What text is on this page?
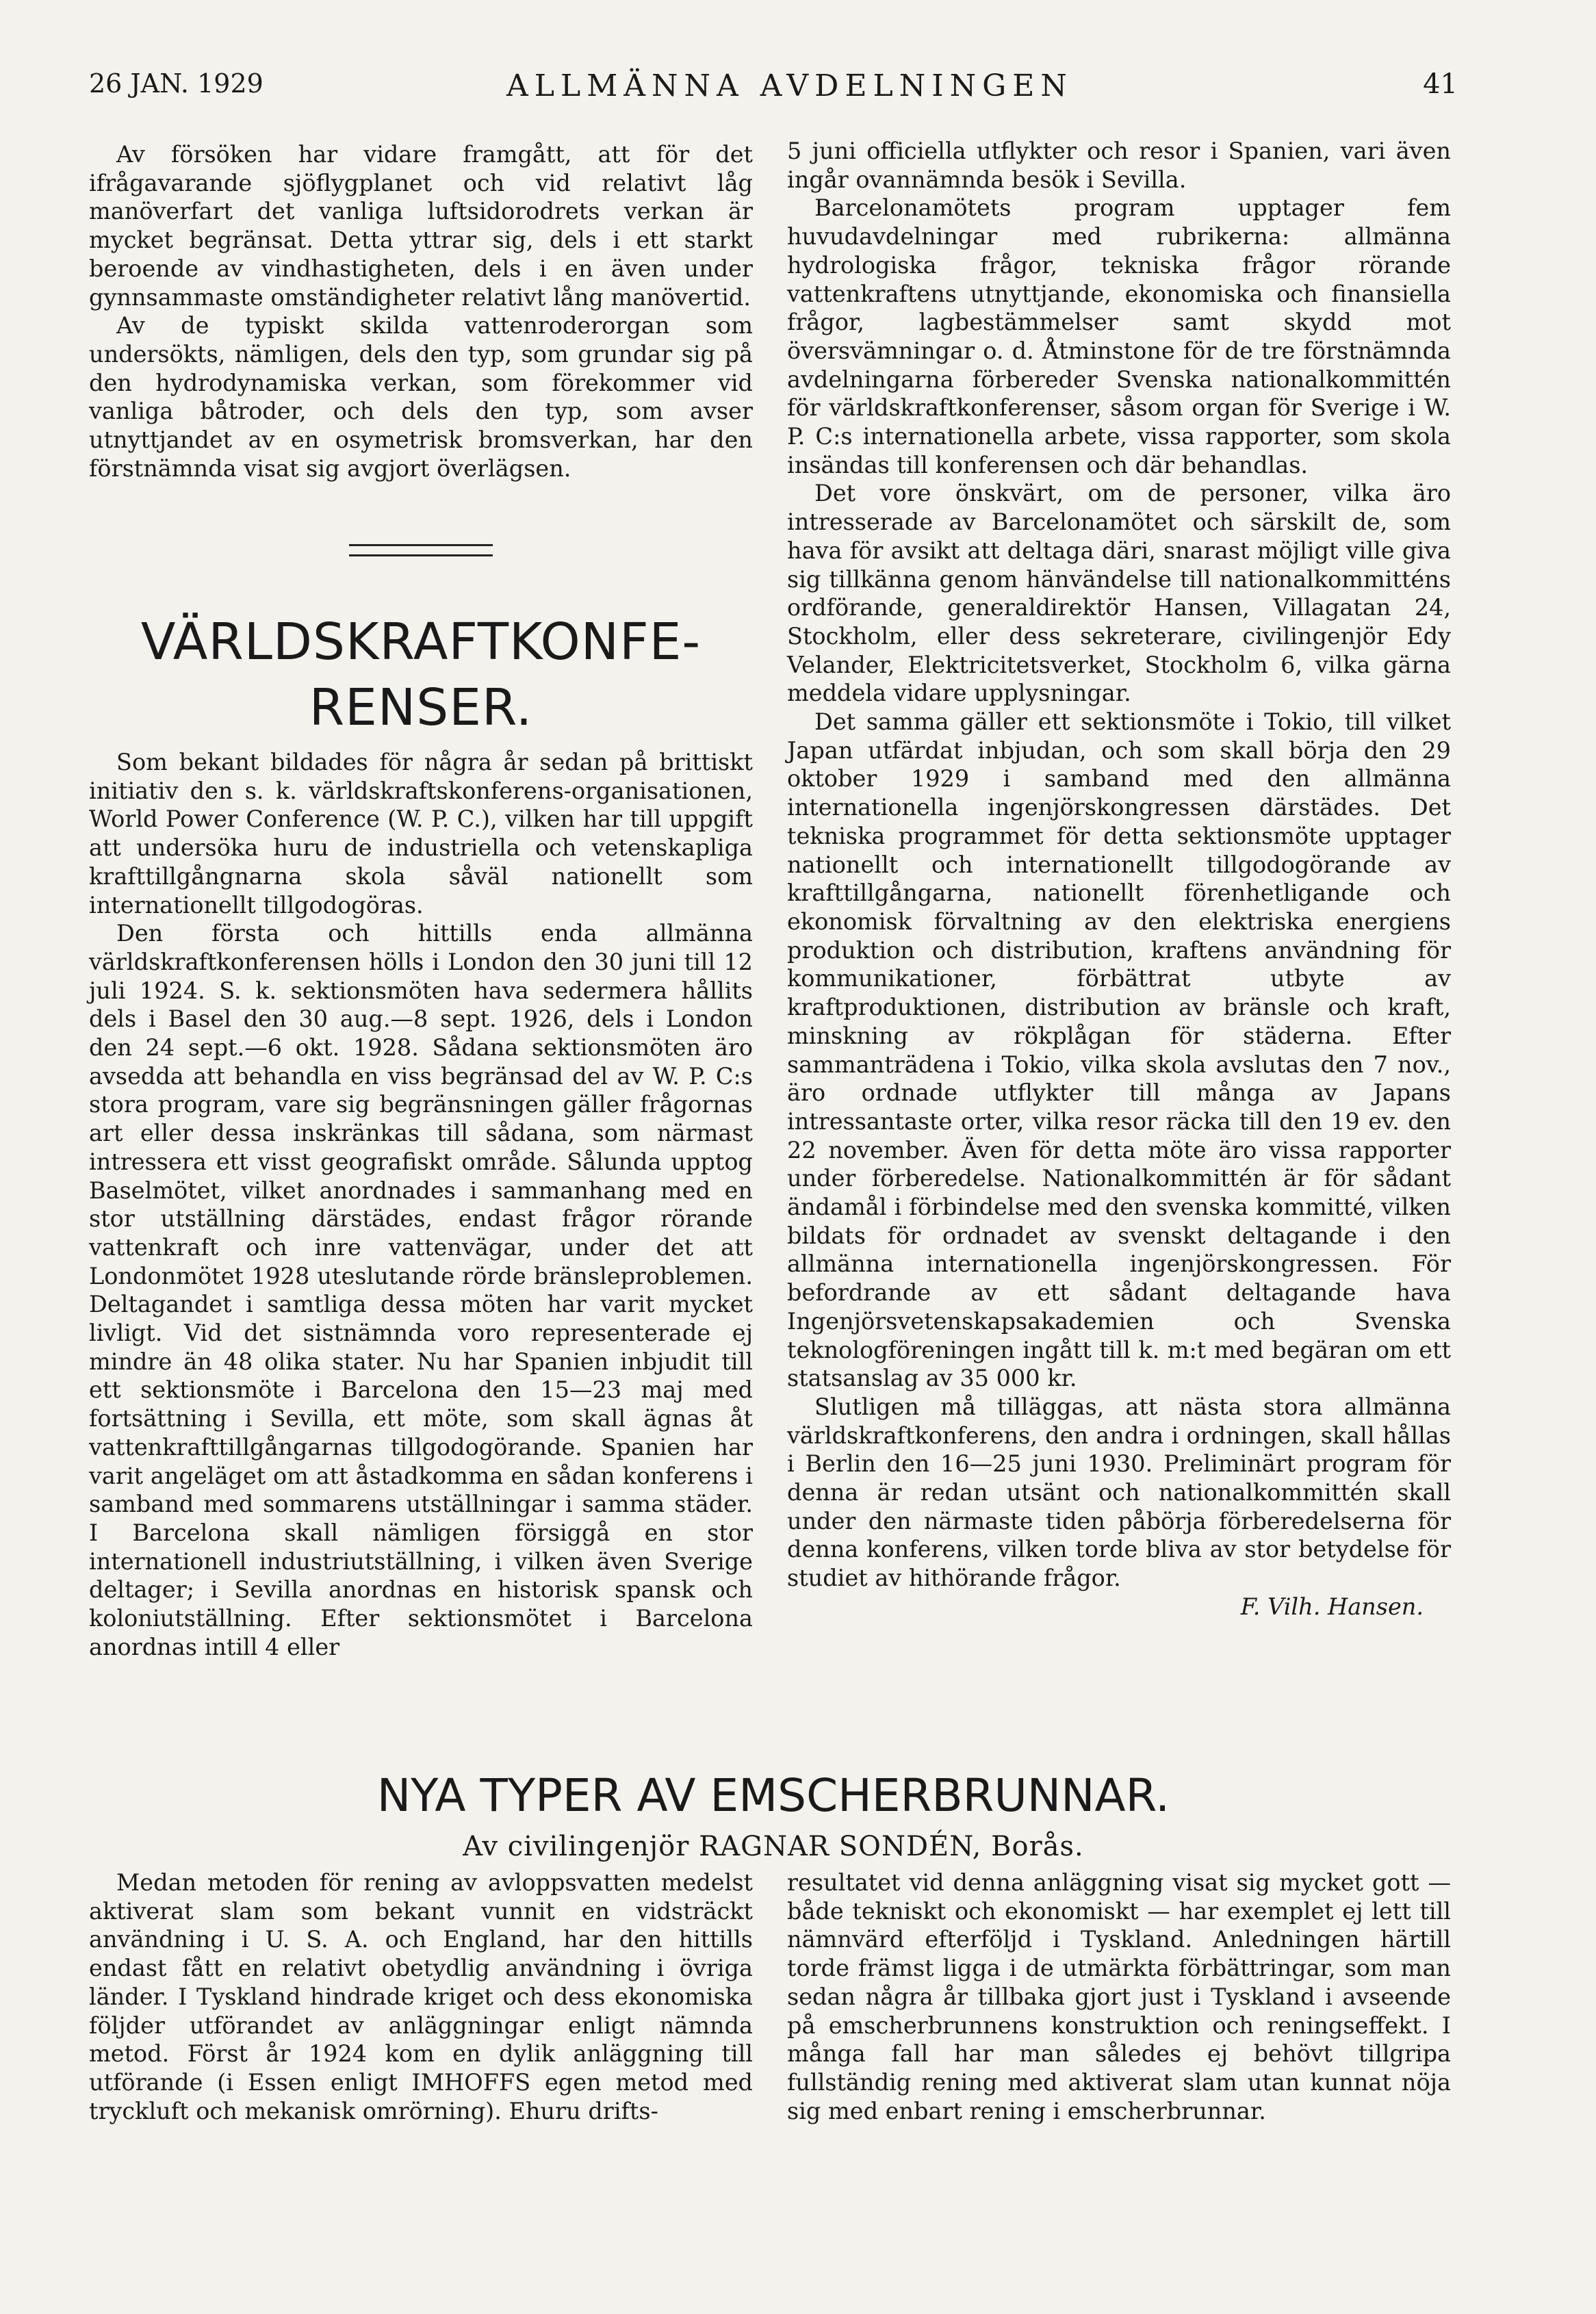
26 JAN. 1929	ALLMÄNNA AVDELNINGEN	41

Av försöken har vidare framgått, att för det ifrågavarande sjöflygplanet och vid relativt låg manöverfart det vanliga luftsidorodrets verkan är mycket begränsat. Detta yttrar sig, dels i ett starkt beroende av vindhastigheten, dels i en även under gynnsammaste omständigheter relativt lång manövertid.

Av de typiskt skilda vattenroderorgan som undersökts, nämligen, dels den typ, som grundar sig på den hydrodynamiska verkan, som förekommer vid vanliga båtroder, och dels den typ, som avser utnyttjandet av en osymetrisk bromsverkan, har den förstnämnda visat sig avgjort överlägsen.

VÄRLDSKRAFTKONFE-RENSER.

Som bekant bildades för några år sedan på brittiskt initiativ den s. k. världskraftskonferens-organisationen, World Power Conference (W. P. C.), vilken har till uppgift att undersöka huru de industriella och vetenskapliga krafttillgångnarna skola såväl nationellt som internationellt tillgodogöras.

Den första och hittills enda allmänna världskraftkonferensen hölls i London den 30 juni till 12 juli 1924. S. k. sektionsmöten hava sedermera hållits dels i Basel den 30 aug.—8 sept. 1926, dels i London den 24 sept.—6 okt. 1928. Sådana sektionsmöten äro avsedda att behandla en viss begränsad del av W. P. C:s stora program, vare sig begränsningen gäller frågornas art eller dessa inskränkas till sådana, som närmast intressera ett visst geografiskt område. Sålunda upptog Baselmötet, vilket anordnades i sammanhang med en stor utställning därstädes, endast frågor rörande vattenkraft och inre vattenvägar, under det att Londonmötet 1928 uteslutande rörde bränsleproblemen. Deltagandet i samtliga dessa möten har varit mycket livligt. Vid det sistnämnda voro representerade ej mindre än 48 olika stater. Nu har Spanien inbjudit till ett sektionsmöte i Barcelona den 15—23 maj med fortsättning i Sevilla, ett möte, som skall ägnas åt vattenkrafttillgångarnas tillgodogörande. Spanien har varit angeläget om att åstadkomma en sådan konferens i samband med sommarens utställningar i samma städer. I Barcelona skall nämligen försiggå en stor internationell industriutställning, i vilken även Sverige deltager; i Sevilla anordnas en historisk spansk och koloniutställning. Efter sektionsmötet i Barcelona anordnas intill 4 eller

5 juni officiella utflykter och resor i Spanien, vari även ingår ovannämnda besök i Sevilla.

Barcelonamötets program upptager fem huvudavdelningar med rubrikerna: allmänna hydrologiska frågor, tekniska frågor rörande vattenkraftens utnyttjande, ekonomiska och finansiella frågor, lagbestämmelser samt skydd mot översvämningar o. d. Åtminstone för de tre förstnämnda avdelningarna förbereder Svenska nationalkommittén för världskraftkonferenser, såsom organ för Sverige i W. P. C:s internationella arbete, vissa rapporter, som skola insändas till konferensen och där behandlas.

Det vore önskvärt, om de personer, vilka äro intresserade av Barcelonamötet och särskilt de, som hava för avsikt att deltaga däri, snarast möjligt ville giva sig tillkänna genom hänvändelse till nationalkommitténs ordförande, generaldirektör Hansen, Villagatan 24, Stockholm, eller dess sekreterare, civilingenjör Edy Velander, Elektricitetsverket, Stockholm 6, vilka gärna meddela vidare upplysningar.

Det samma gäller ett sektionsmöte i Tokio, till vilket Japan utfärdat inbjudan, och som skall börja den 29 oktober 1929 i samband med den allmänna internationella ingenjörskongressen därstädes. Det tekniska programmet för detta sektionsmöte upptager nationellt och internationellt tillgodogörande av krafttillgångarna, nationellt förenhetligande och ekonomisk förvaltning av den elektriska energiens produktion och distribution, kraftens användning för kommunikationer, förbättrat utbyte av kraftproduktionen, distribution av bränsle och kraft, minskning av rökplågan för städerna. Efter sammanträdena i Tokio, vilka skola avslutas den 7 nov., äro ordnade utflykter till många av Japans intressantaste orter, vilka resor räcka till den 19 ev. den 22 november. Även för detta möte äro vissa rapporter under förberedelse. Nationalkommittén är för sådant ändamål i förbindelse med den svenska kommitté, vilken bildats för ordnadet av svenskt deltagande i den allmänna internationella ingenjörskongressen. För befordrande av ett sådant deltagande hava Ingenjörsvetenskapsakademien och Svenska teknologföreningen ingått till k. m:t med begäran om ett statsanslag av 35 000 kr.

Slutligen må tilläggas, att nästa stora allmänna världskraftkonferens, den andra i ordningen, skall hållas i Berlin den 16—25 juni 1930. Preliminärt program för denna är redan utsänt och nationalkommittén skall under den närmaste tiden påbörja förberedelserna för denna konferens, vilken torde bliva av stor betydelse för studiet av hithörande frågor.

F. Vilh. Hansen.

NYA TYPER AV EMSCHERBRUNNAR.
Av civilingenjör RAGNAR SONDÉN, Borås.

Medan metoden för rening av avloppsvatten medelst aktiverat slam som bekant vunnit en vidsträckt användning i U. S. A. och England, har den hittills endast fått en relativt obetydlig användning i övriga länder. I Tyskland hindrade kriget och dess ekonomiska följder utförandet av anläggningar enligt nämnda metod. Först år 1924 kom en dylik anläggning till utförande (i Essen enligt IMHOFFS egen metod med tryckluft och mekanisk omrörning). Ehuru drifts-

resultatet vid denna anläggning visat sig mycket gott — både tekniskt och ekonomiskt — har exemplet ej lett till nämnvärd efterföljd i Tyskland. Anledningen härtill torde främst ligga i de utmärkta förbättringar, som man sedan några år tillbaka gjort just i Tyskland i avseende på emscherbrunnens konstruktion och reningseffekt. I många fall har man således ej behövt tillgripa fullständig rening med aktiverat slam utan kunnat nöja sig med enbart rening i emscherbrunnar.
